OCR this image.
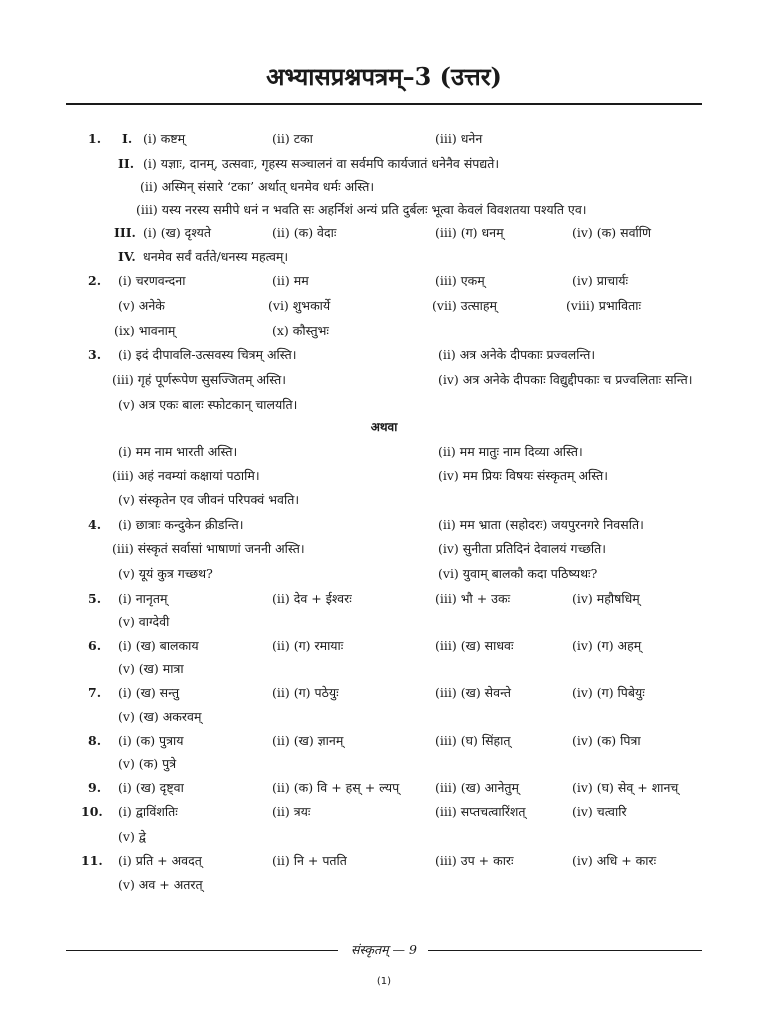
अभ्यासप्रश्नपत्रम्–3 (उत्तर)
1. I. (i) कष्टम्	(ii) टका	(iii) धनेन
II. (i) यज्ञाः, दानम्, उत्सवाः, गृहस्य सञ्चालनं वा सर्वमपि कार्यजातं धनेनैव संपद्यते।
(ii) अस्मिन् संसारे ‘टका’ अर्थात् धनमेव धर्मः अस्ति।
(iii) यस्य नरस्य समीपे धनं न भवति सः अहर्निशं अन्यं प्रति दुर्बलः भूत्वा केवलं विवशतया पश्यति एव।
III. (i) (ख) दृश्यते	(ii) (क) वेदाः	(iii) (ग) धनम्	(iv) (क) सर्वाणि
IV. धनमेव सर्वं वर्तते/धनस्य महत्वम्।
2. (i) चरणवन्दना	(ii) मम	(iii) एकम्	(iv) प्राचार्यः
(v) अनेके	(vi) शुभकार्ये	(vii) उत्साहम्	(viii) प्रभाविताः
(ix) भावनाम्	(x) कौस्तुभः
3. (i) इदं दीपावलि-उत्सवस्य चित्रम् अस्ति।	(ii) अत्र अनेके दीपकाः प्रज्वलन्ति।
(iii) गृहं पूर्णरूपेण सुसज्जितम् अस्ति।	(iv) अत्र अनेके दीपकाः विद्युद्दीपकाः च प्रज्वलिताः सन्ति।
(v) अत्र एकः बालः स्फोटकान् चालयति।
(i) मम नाम भारती अस्ति।	(ii) मम मातुः नाम दिव्या अस्ति।
(iii) अहं नवम्यां कक्षायां पठामि।	(iv) मम प्रियः विषयः संस्कृतम् अस्ति।
(v) संस्कृतेन एव जीवनं परिपक्वं भवति।
4. (i) छात्राः कन्दुकेन क्रीडन्ति।	(ii) मम भ्राता (सहोदरः) जयपुरनगरे निवसति।
(iii) संस्कृतं सर्वासां भाषाणां जननी अस्ति।	(iv) सुनीता प्रतिदिनं देवालयं गच्छति।
(v) यूयं कुत्र गच्छथ?	(vi) युवाम् बालकौ कदा पठिष्यथः?
5. (i) नानृतम्	(ii) देव + ईश्वरः	(iii) भौ + उकः	(iv) महौषधिम्
(v) वाग्देवी
6. (i) (ख) बालकाय	(ii) (ग) रमायाः	(iii) (ख) साधवः	(iv) (ग) अहम्
(v) (ख) मात्रा
7. (i) (ख) सन्तु	(ii) (ग) पठेयुः	(iii) (ख) सेवन्ते	(iv) (ग) पिबेयुः
(v) (ख) अकरवम्
8. (i) (क) पुत्राय	(ii) (ख) ज्ञानम्	(iii) (घ) सिंहात्	(iv) (क) पित्रा
(v) (क) पुत्रे
9. (i) (ख) दृष्ट्वा	(ii) (क) वि + हस् + ल्यप्	(iii) (ख) आनेतुम्	(iv) (घ) सेव् + शानच्
10. (i) द्वाविंशतिः	(ii) त्रयः	(iii) सप्तचत्वारिंशत्	(iv) चत्वारि
(v) द्वे
11. (i) प्रति + अवदत्	(ii) नि + पतति	(iii) उप + कारः	(iv) अधि + कारः
(v) अव + अतरत्
अथवा
संस्कृतम् — 9
(1)
